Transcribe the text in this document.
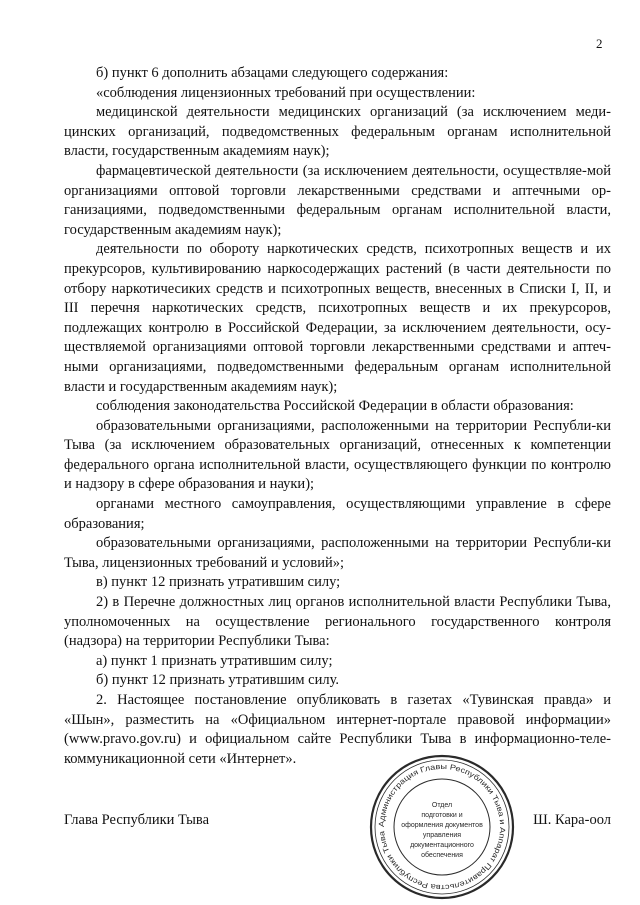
2

б) пункт 6 дополнить абзацами следующего содержания:

«соблюдения лицензионных требований при осуществлении:

медицинской деятельности медицинских организаций (за исключением меди-цинских организаций, подведомственных федеральным органам исполнительной власти, государственным академиям наук);

фармацевтической деятельности (за исключением деятельности, осуществляе-мой организациями оптовой торговли лекарственными средствами и аптечными ор-ганизациями, подведомственными федеральным органам исполнительной власти, государственным академиям наук);

деятельности по обороту наркотических средств, психотропных веществ и их прекурсоров, культивированию наркосодержащих растений (в части деятельности по отбору наркотичесиких средств и психотропных веществ, внесенных в Списки I, II, и III перечня наркотических средств, психотропных веществ и их прекурсоров, подлежащих контролю в Российской Федерации, за исключением деятельности, осу-ществляемой организациями оптовой торговли лекарственными средствами и аптеч-ными организациями, подведомственными федеральным органам исполнительной власти и государственным академиям наук);

соблюдения законодательства Российской Федерации в области образования:

образовательными организациями, расположенными на территории Республи-ки Тыва (за исключением образовательных организаций, отнесенных к компетенции федерального органа исполнительной власти, осуществляющего функции по контролю и надзору в сфере образования и науки);

органами местного самоуправления, осуществляющими управление в сфере образования;

образовательными организациями, расположенными на территории Республи-ки Тыва, лицензионных требований и условий»;

в) пункт 12 признать утратившим силу;

2) в Перечне должностных лиц органов исполнительной власти Республики Тыва, уполномоченных на осуществление регионального государственного контроля (надзора) на территории Республики Тыва:

а) пункт 1 признать утратившим силу;

б) пункт 12 признать утратившим силу.

2. Настоящее постановление опубликовать в газетах «Тувинская правда» и «Шын», разместить на «Официальном интернет-портале правовой информации» (www.pravo.gov.ru) и официальном сайте Республики Тыва в информационно-теле-коммуникационной сети «Интернет».

Глава Республики Тыва	Ш. Кара-оол
Администрация Главы Республики Тыва и Аппарат Правительства Республики Тыва
Отдел
подготовки и
оформления документов
управления
документационного
обеспечения
